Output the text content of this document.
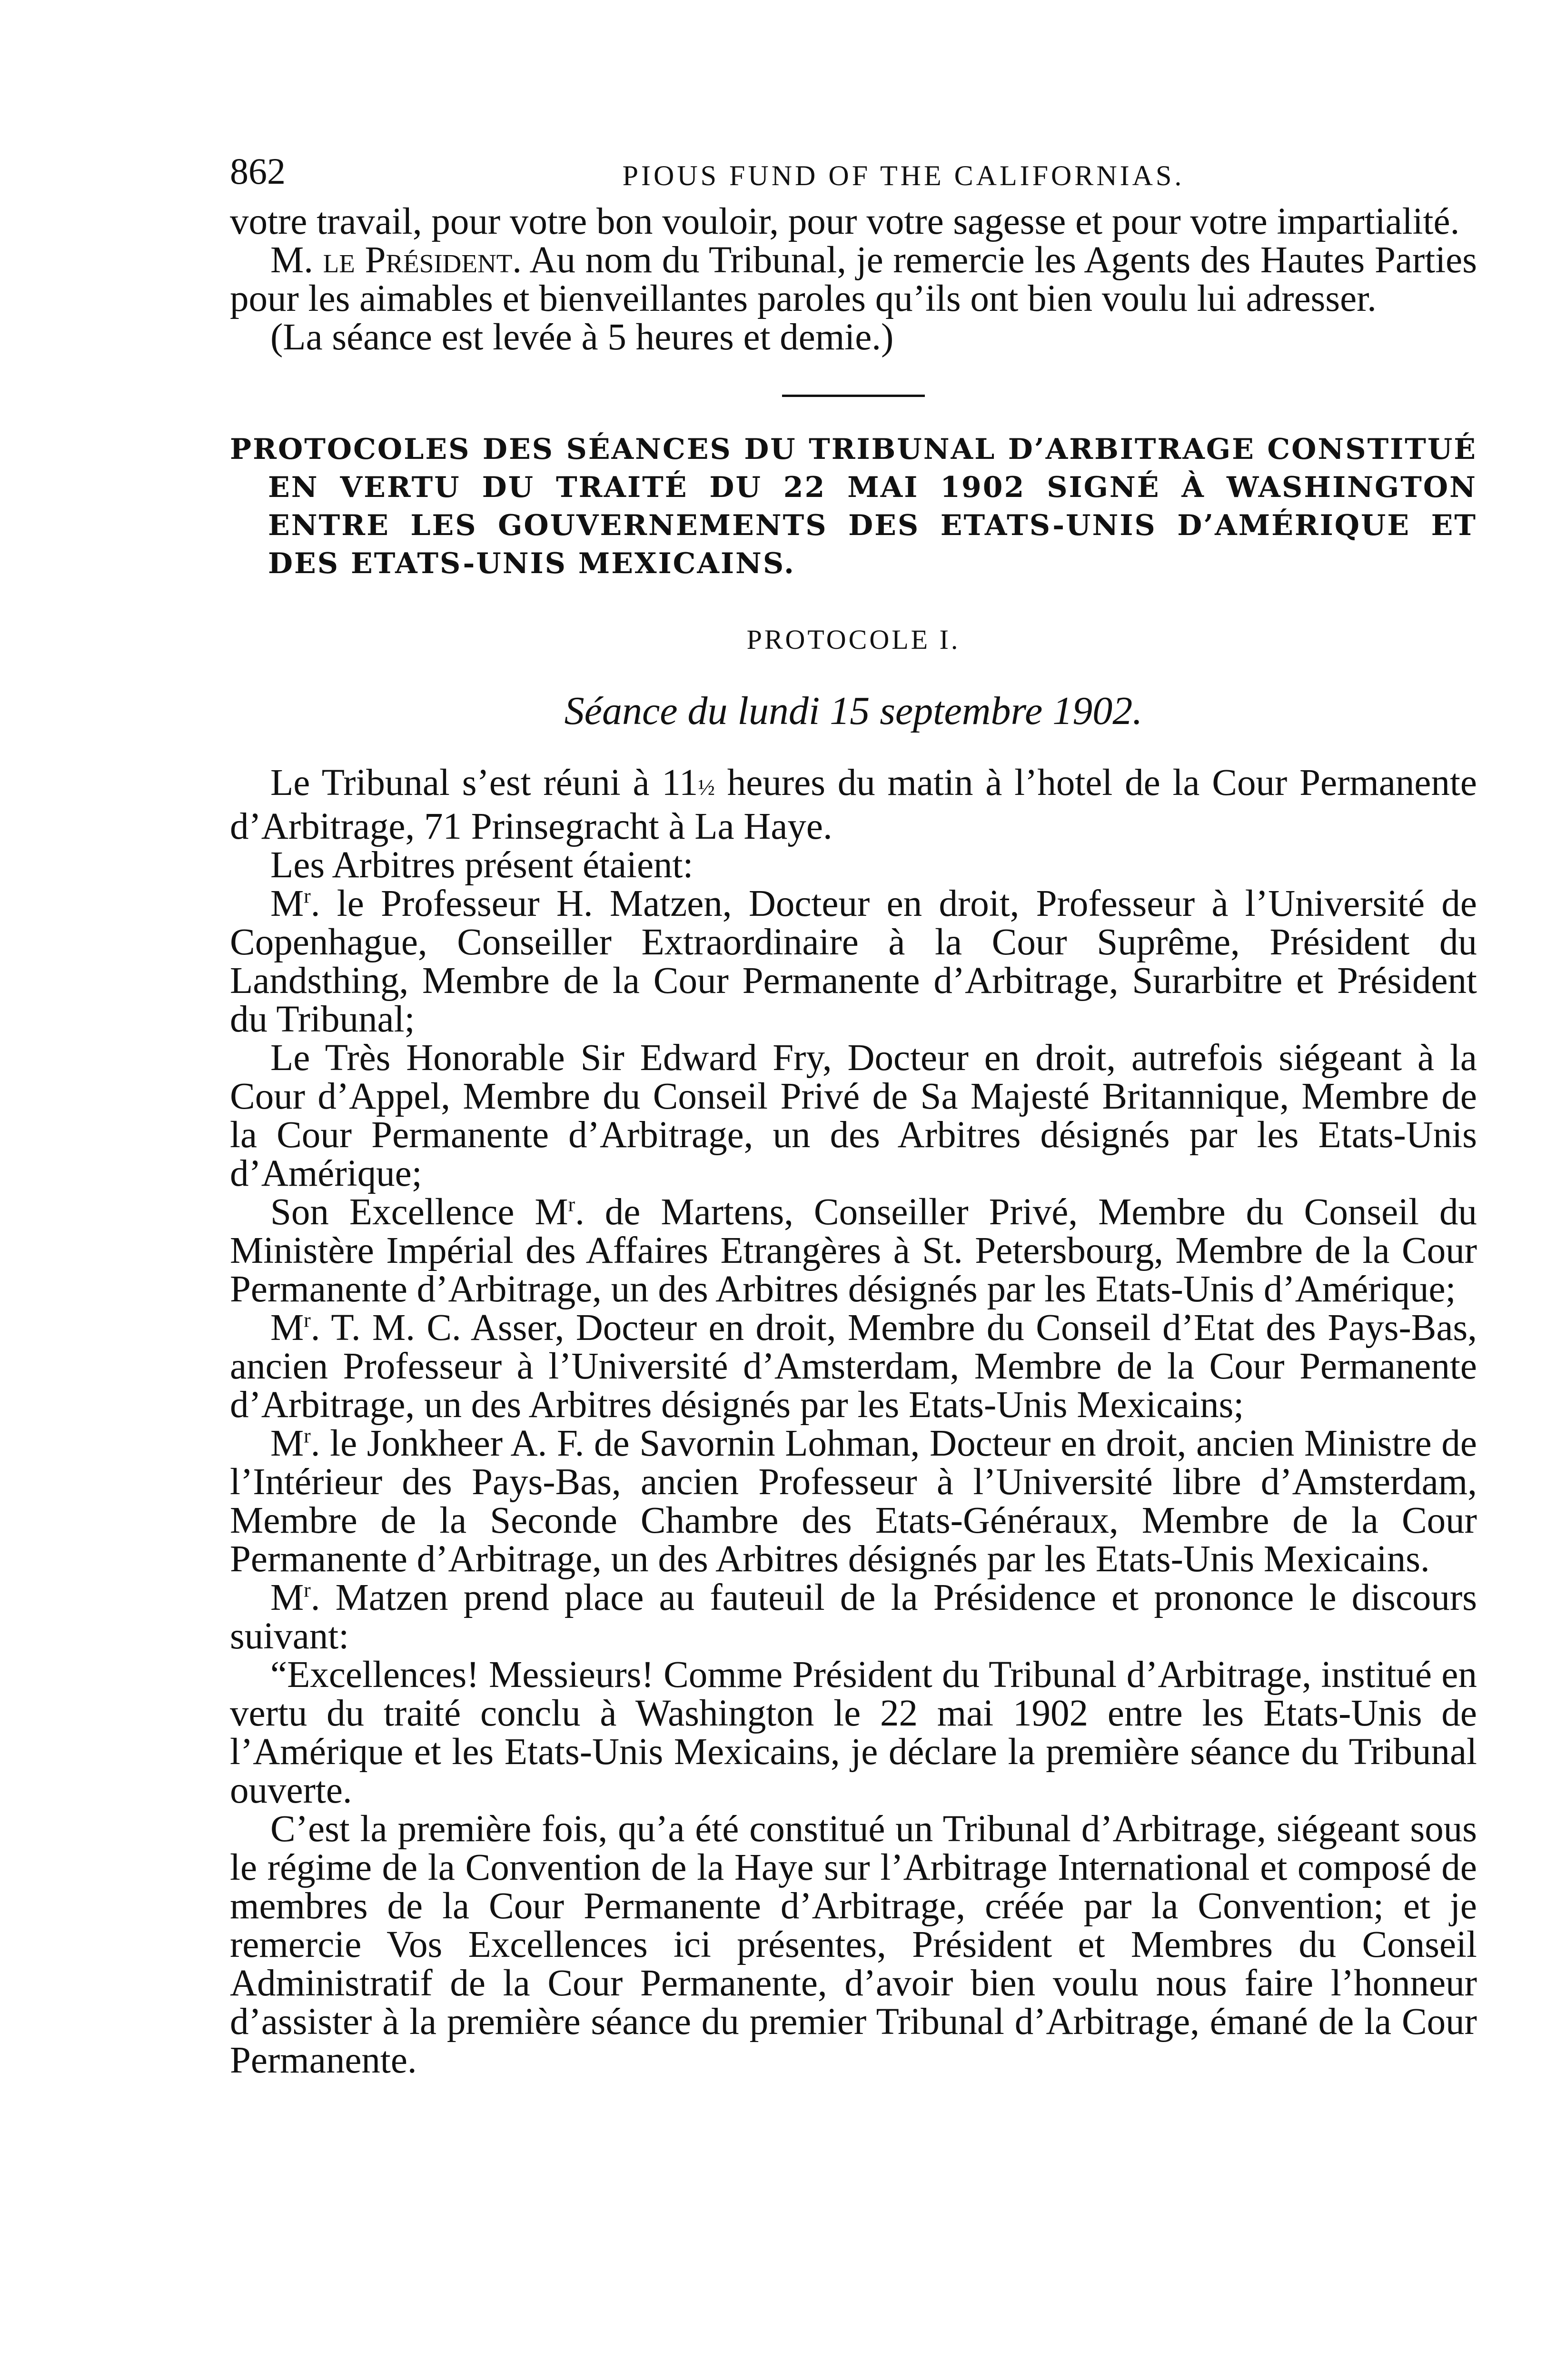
862	PIOUS FUND OF THE CALIFORNIAS.

votre travail, pour votre bon vouloir, pour votre sagesse et pour votre impartialité.

M. le Président. Au nom du Tribunal, je remercie les Agents des Hautes Parties pour les aimables et bienveillantes paroles qu’ils ont bien voulu lui adresser.

(La séance est levée à 5 heures et demie.)

PROTOCOLES DES SÉANCES DU TRIBUNAL D’ARBITRAGE CONSTITUÉ EN VERTU DU TRAITÉ DU 22 MAI 1902 SIGNÉ À WASHINGTON ENTRE LES GOUVERNEMENTS DES ETATS-UNIS D’AMÉRIQUE ET DES ETATS-UNIS MEXICAINS.

PROTOCOLE I.
Séance du lundi 15 septembre 1902.

Le Tribunal s’est réuni à 11½ heures du matin à l’hotel de la Cour Permanente d’Arbitrage, 71 Prinsegracht à La Haye.

Les Arbitres présent étaient:

$M^r$. le Professeur H. Matzen, Docteur en droit, Professeur à l’Université de Copenhague, Conseiller Extraordinaire à la Cour Suprême, Président du Landsthing, Membre de la Cour Permanente d’Arbitrage, Surarbitre et Président du Tribunal;

Le Très Honorable Sir Edward Fry, Docteur en droit, autrefois siégeant à la Cour d’Appel, Membre du Conseil Privé de Sa Majesté Britannique, Membre de la Cour Permanente d’Arbitrage, un des Arbitres désignés par les Etats-Unis d’Amérique;

Son Excellence $M^r$. de Martens, Conseiller Privé, Membre du Conseil du Ministère Impérial des Affaires Etrangères à St. Petersbourg, Membre de la Cour Permanente d’Arbitrage, un des Arbitres désignés par les Etats-Unis d’Amérique;

$M^r$. T. M. C. Asser, Docteur en droit, Membre du Conseil d’Etat des Pays-Bas, ancien Professeur à l’Université d’Amsterdam, Membre de la Cour Permanente d’Arbitrage, un des Arbitres désignés par les Etats-Unis Mexicains;

$M^r$. le Jonkheer A. F. de Savornin Lohman, Docteur en droit, ancien Ministre de l’Intérieur des Pays-Bas, ancien Professeur à l’Université libre d’Amsterdam, Membre de la Seconde Chambre des Etats-Généraux, Membre de la Cour Permanente d’Arbitrage, un des Arbitres désignés par les Etats-Unis Mexicains.

$M^r$. Matzen prend place au fauteuil de la Présidence et prononce le discours suivant:

“Excellences! Messieurs! Comme Président du Tribunal d’Arbitrage, institué en vertu du traité conclu à Washington le 22 mai 1902 entre les Etats-Unis de l’Amérique et les Etats-Unis Mexicains, je déclare la première séance du Tribunal ouverte.

C’est la première fois, qu’a été constitué un Tribunal d’Arbitrage, siégeant sous le régime de la Convention de la Haye sur l’Arbitrage International et composé de membres de la Cour Permanente d’Arbitrage, créée par la Convention; et je remercie Vos Excellences ici présentes, Président et Membres du Conseil Administratif de la Cour Permanente, d’avoir bien voulu nous faire l’honneur d’assister à la première séance du premier Tribunal d’Arbitrage, émané de la Cour Permanente.
